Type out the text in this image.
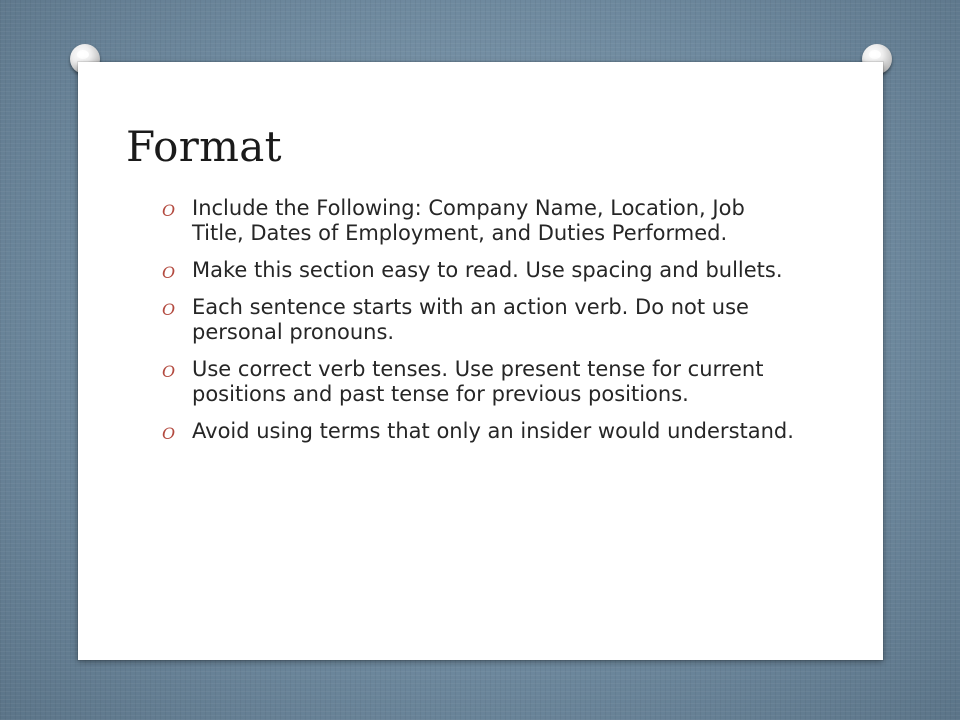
Format
O Include the Following: Company Name, Location, Job Title, Dates of Employment, and Duties Performed.
O Make this section easy to read. Use spacing and bullets.
O Each sentence starts with an action verb. Do not use personal pronouns.
O Use correct verb tenses. Use present tense for current positions and past tense for previous positions.
O Avoid using terms that only an insider would understand.
